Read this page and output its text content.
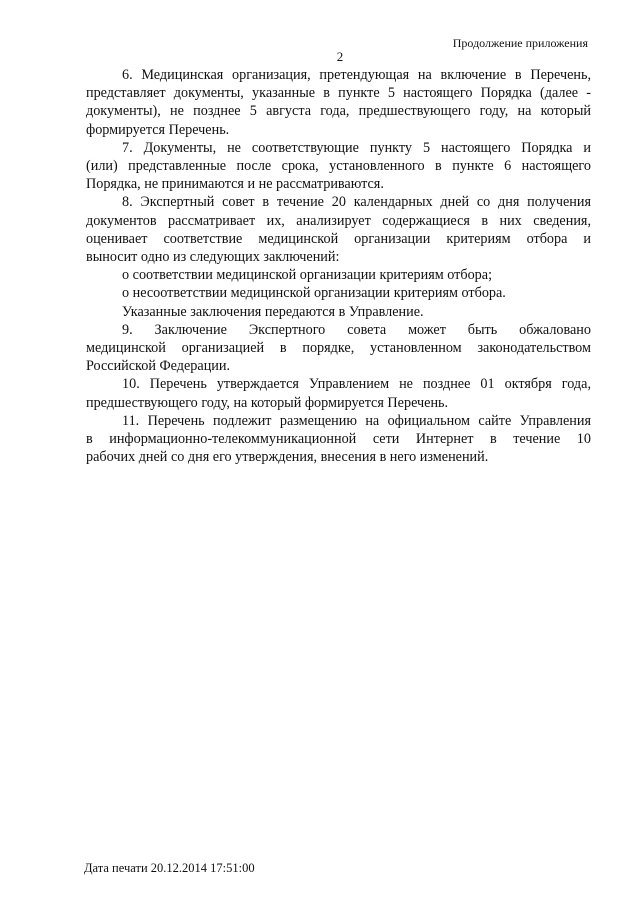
Продолжение приложения
2
6. Медицинская организация, претендующая на включение в Перечень,
представляет документы, указанные в пункте 5 настоящего Порядка (далее -
документы), не позднее 5 августа года, предшествующего году, на который
формируется Перечень.
7. Документы, не соответствующие пункту 5 настоящего Порядка и
(или) представленные после срока, установленного в пункте 6 настоящего
Порядка, не принимаются и не рассматриваются.
8. Экспертный совет в течение 20 календарных дней со дня получения
документов рассматривает их, анализирует содержащиеся в них сведения,
оценивает соответствие медицинской организации критериям отбора и
выносит одно из следующих заключений:
о соответствии медицинской организации критериям отбора;
о несоответствии медицинской организации критериям отбора.
Указанные заключения передаются в Управление.
9. Заключение Экспертного совета может быть обжаловано
медицинской организацией в порядке, установленном законодательством
Российской Федерации.
10. Перечень утверждается Управлением не позднее 01 октября года,
предшествующего году, на который формируется Перечень.
11. Перечень подлежит размещению на официальном сайте Управления
в информационно-телекоммуникационной сети Интернет в течение 10
рабочих дней со дня его утверждения, внесения в него изменений.
Дата печати 20.12.2014 17:51:00
